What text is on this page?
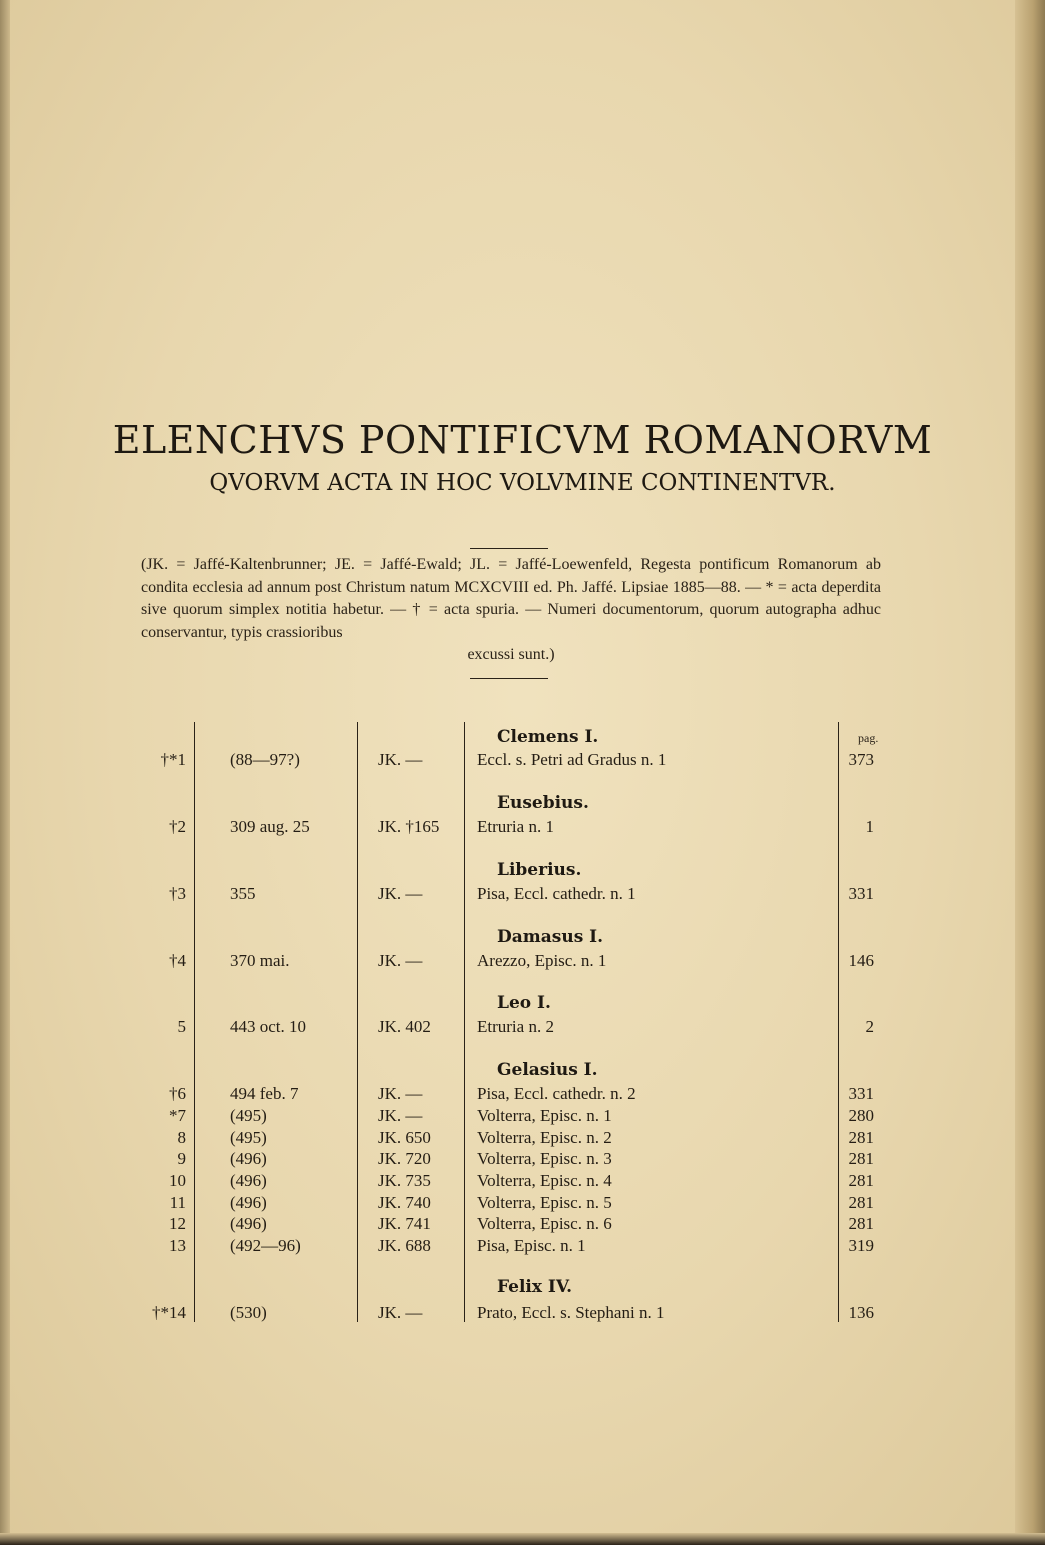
ELENCHVS PONTIFICVM ROMANORVM
QVORVM ACTA IN HOC VOLVMINE CONTINENTVR.
(JK. = Jaffé-Kaltenbrunner; JE. = Jaffé-Ewald; JL. = Jaffé-Loewenfeld, Regesta pontificum Romanorum ab condita ecclesia ad annum post Christum natum MCXCVIII ed. Ph. Jaffé. Lipsiae 1885—88. — * = acta deperdita sive quorum simplex notitia habetur. — † = acta spuria. — Numeri documentorum, quorum autographa adhuc conservantur, typis crassioribus
excussi sunt.)
pag.
Clemens I.
Eusebius.
Liberius.
Damasus I.
Leo I.
Gelasius I.
Felix IV.
†*1	(88—97?)	JK. —	Eccl. s. Petri ad Gradus n. 1	373
†2	309 aug. 25	JK. †165	Etruria n. 1	1
†3	355	JK. —	Pisa, Eccl. cathedr. n. 1	331
†4	370 mai.	JK. —	Arezzo, Episc. n. 1	146
5	443 oct. 10	JK. 402	Etruria n. 2	2
†6	494 feb. 7	JK. —	Pisa, Eccl. cathedr. n. 2	331
*7	(495)	JK. —	Volterra, Episc. n. 1	280
8	(495)	JK. 650	Volterra, Episc. n. 2	281
9	(496)	JK. 720	Volterra, Episc. n. 3	281
10	(496)	JK. 735	Volterra, Episc. n. 4	281
11	(496)	JK. 740	Volterra, Episc. n. 5	281
12	(496)	JK. 741	Volterra, Episc. n. 6	281
13	(492—96)	JK. 688	Pisa, Episc. n. 1	319
†*14	(530)	JK. —	Prato, Eccl. s. Stephani n. 1	136
